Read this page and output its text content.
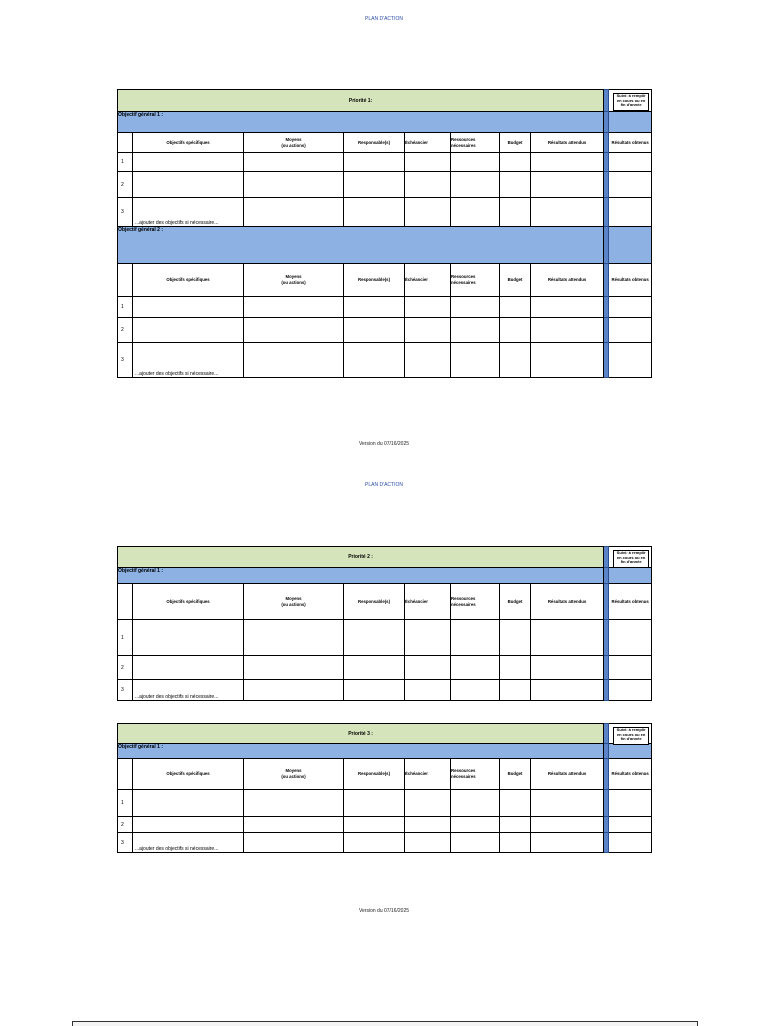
PLAN D'ACTION
Priorité 1:									Suivi: à remplir en cours ou en fin d'année

Objectif général 1 :									
	Objectifs spécifiques	Moyens
(ou actions)	Responsable(s)	Échéancier	Ressources nécessaires	Budget	Résultats attendus		Résultats obtenus
1									
2									
3	...ajouter des objectifs si nécessaire...								
Objectif général 2 :									
	Objectifs spécifiques	Moyens
(ou actions)	Responsable(s)	Échéancier	Ressources nécessaires	Budget	Résultats attendus		Résultats obtenus
1									
2									
3	...ajouter des objectifs si nécessaire...								
Version du 07/16/2025
PLAN D'ACTION
Priorité 2 :									Suivi: à remplir en cours ou en fin d'année

Objectif général 1 :									
	Objectifs spécifiques	Moyens
(ou actions)	Responsable(s)	Échéancier	Ressources nécessaires	Budget	Résultats attendus		Résultats obtenus
1									
2									
3	...ajouter des objectifs si nécessaire...								
Priorité 3 :									Suivi: à remplir en cours ou en fin d'année

Objectif général 1 :									
	Objectifs spécifiques	Moyens
(ou actions)	Responsable(s)	Échéancier	Ressources nécessaires	Budget	Résultats attendus		Résultats obtenus
1									
2									
3	...ajouter des objectifs si nécessaire...								
Version du 07/16/2025
